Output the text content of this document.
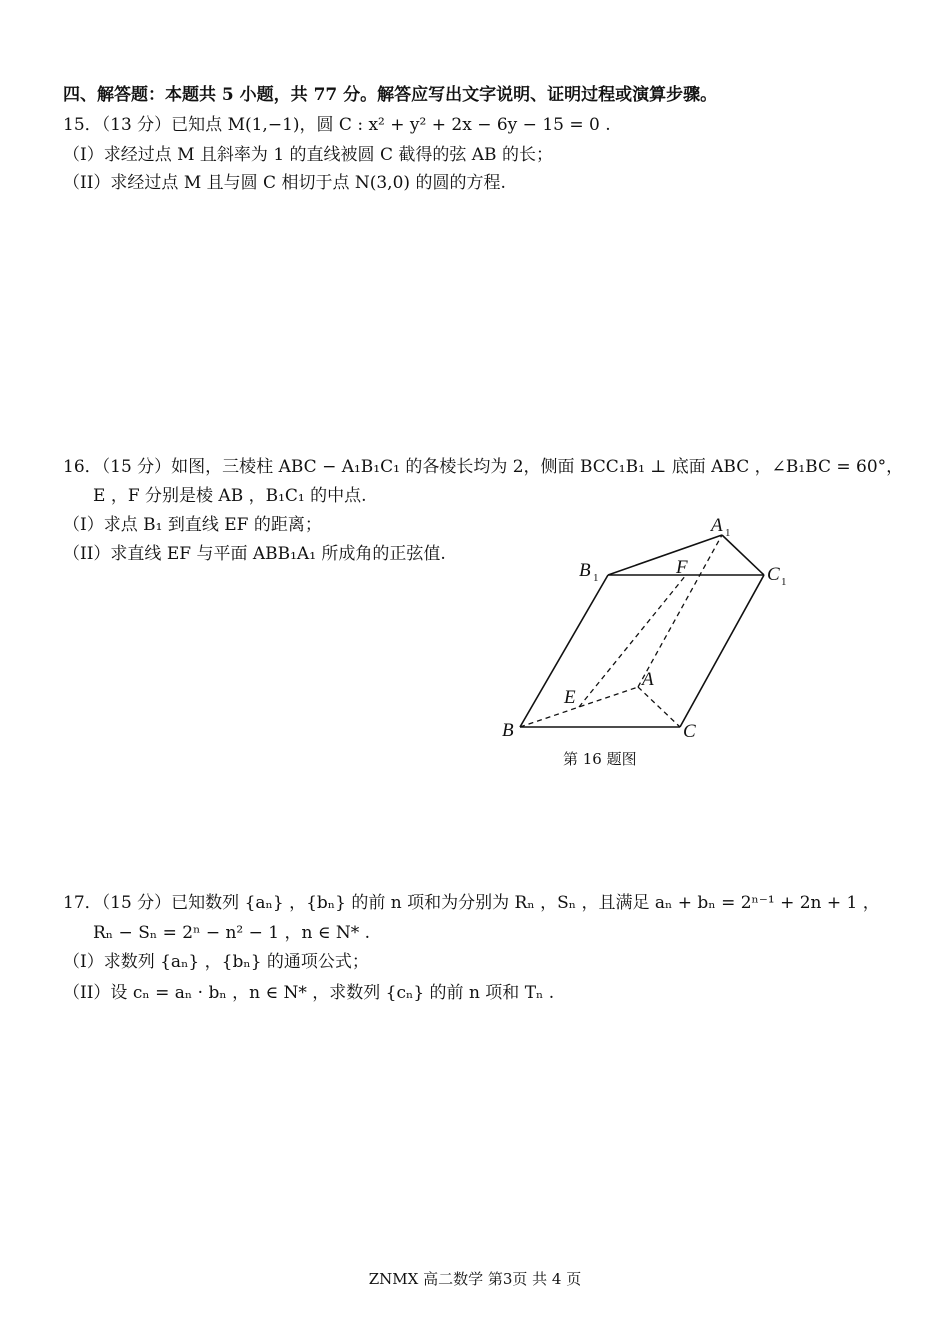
四、解答题：本题共 5 小题，共 77 分。解答应写出文字说明、证明过程或演算步骤。
15．（13 分）已知点 M(1,−1)，圆 C : x² + y² + 2x − 6y − 15 = 0 .
（I）求经过点 M 且斜率为 1 的直线被圆 C 截得的弦 AB 的长；
（II）求经过点 M 且与圆 C 相切于点 N(3,0) 的圆的方程.
16．（15 分）如图，三棱柱 ABC − A₁B₁C₁ 的各棱长均为 2，侧面 BCC₁B₁ ⊥ 底面 ABC ，∠B₁BC = 60°，
E ，F 分别是棱 AB ，B₁C₁ 的中点.
（I）求点 B₁ 到直线 EF 的距离；
（II）求直线 EF 与平面 ABB₁A₁ 所成角的正弦值.
A 1
B 1	C 1
F
E
A
B	C
第 16 题图
17．（15 分）已知数列 {aₙ} ，{bₙ} 的前 n 项和为分别为 Rₙ ，Sₙ ，且满足 aₙ + bₙ = 2ⁿ⁻¹ + 2n + 1 ，
Rₙ − Sₙ = 2ⁿ − n² − 1 ，n ∈ N* .
（I）求数列 {aₙ} ，{bₙ} 的通项公式；
（II）设 cₙ = aₙ · bₙ ，n ∈ N* ，求数列 {cₙ} 的前 n 项和 Tₙ .
ZNMX 高二数学 第3页 共 4 页
